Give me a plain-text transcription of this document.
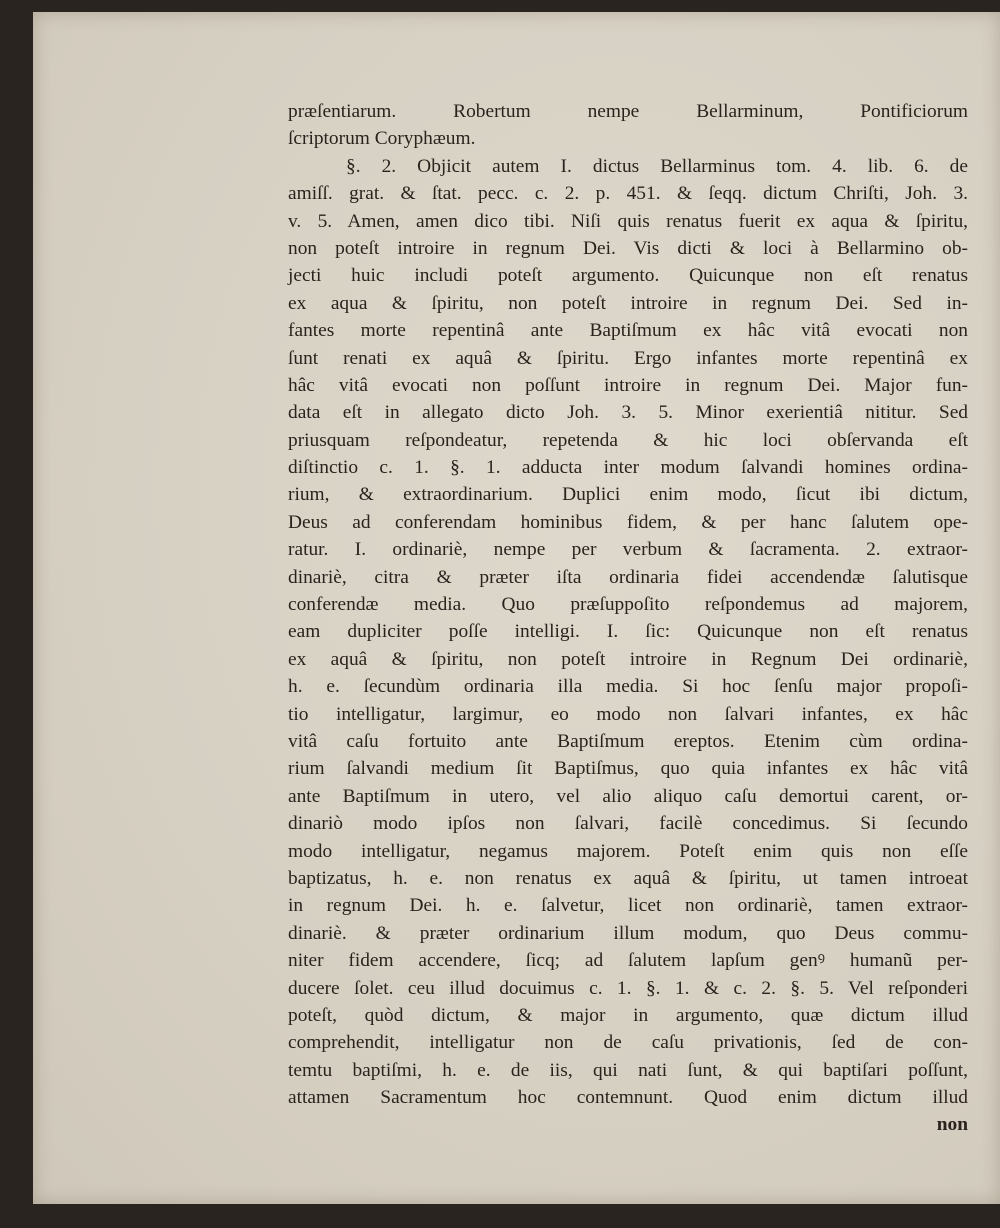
præſentiarum. Robertum nempe Bellarminum, Pontificiorum
ſcriptorum Coryphæum.
§. 2. Objicit autem I. dictus Bellarminus tom. 4. lib. 6. de
amiſſ. grat. & ſtat. pecc. c. 2. p. 451. & ſeqq. dictum Chriſti, Joh. 3.
v. 5. Amen, amen dico tibi. Niſi quis renatus fuerit ex aqua & ſpiritu,
non poteſt introire in regnum Dei. Vis dicti & loci à Bellarmino ob-
jecti huic includi poteſt argumento. Quicunque non eſt renatus
ex aqua & ſpiritu, non poteſt introire in regnum Dei. Sed in-
fantes morte repentinâ ante Baptiſmum ex hâc vitâ evocati non
ſunt renati ex aquâ & ſpiritu. Ergo infantes morte repentinâ ex
hâc vitâ evocati non poſſunt introire in regnum Dei. Major fun-
data eſt in allegato dicto Joh. 3. 5. Minor exerientiâ nititur. Sed
priusquam reſpondeatur, repetenda & hic loci obſervanda eſt
diſtinctio c. 1. §. 1. adducta inter modum ſalvandi homines ordina-
rium, & extraordinarium. Duplici enim modo, ſicut ibi dictum,
Deus ad conferendam hominibus fidem, & per hanc ſalutem ope-
ratur. I. ordinariè, nempe per verbum & ſacramenta. 2. extraor-
dinariè, citra & præter iſta ordinaria fidei accendendæ ſalutisque
conferendæ media. Quo præſuppoſito reſpondemus ad majorem,
eam dupliciter poſſe intelligi. I. ſic: Quicunque non eſt renatus
ex aquâ & ſpiritu, non poteſt introire in Regnum Dei ordinariè,
h. e. ſecundùm ordinaria illa media. Si hoc ſenſu major propoſi-
tio intelligatur, largimur, eo modo non ſalvari infantes, ex hâc
vitâ caſu fortuito ante Baptiſmum ereptos. Etenim cùm ordina-
rium ſalvandi medium ſit Baptiſmus, quo quia infantes ex hâc vitâ
ante Baptiſmum in utero, vel alio aliquo caſu demortui carent, or-
dinariò modo ipſos non ſalvari, facilè concedimus. Si ſecundo
modo intelligatur, negamus majorem. Poteſt enim quis non eſſe
baptizatus, h. e. non renatus ex aquâ & ſpiritu, ut tamen introeat
in regnum Dei. h. e. ſalvetur, licet non ordinariè, tamen extraor-
dinariè. & præter ordinarium illum modum, quo Deus commu-
niter fidem accendere, ſicq; ad ſalutem lapſum genꝰ humanũ per-
ducere ſolet. ceu illud docuimus c. 1. §. 1. & c. 2. §. 5. Vel reſponderi
poteſt, quòd dictum, & major in argumento, quæ dictum illud
comprehendit, intelligatur non de caſu privationis, ſed de con-
temtu baptiſmi, h. e. de iis, qui nati ſunt, & qui baptiſari poſſunt,
attamen Sacramentum hoc contemnunt. Quod enim dictum illud
non
